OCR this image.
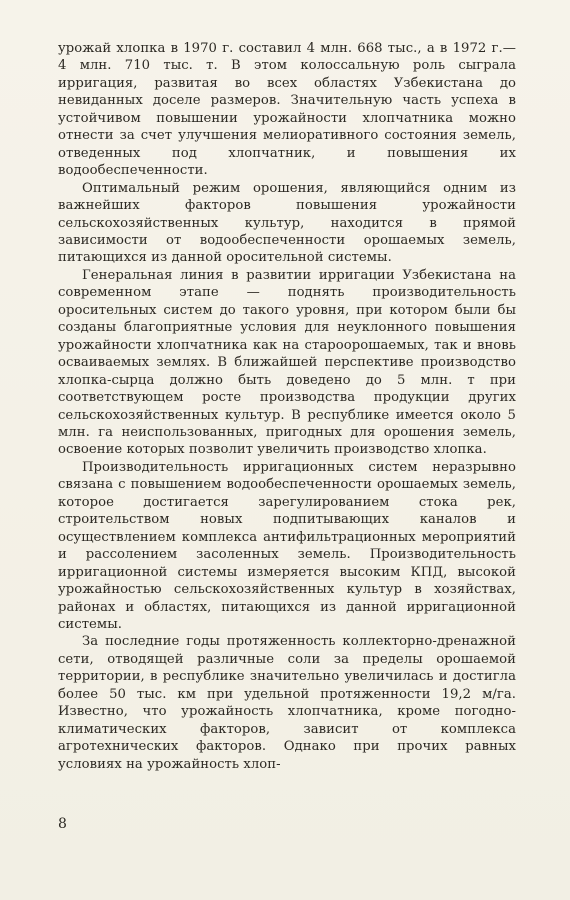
урожай хлопка в 1970 г. составил 4 млн. 668 тыс., а в 1972 г.— 4 млн. 710 тыс. т. В этом колоссальную роль сыграла ирригация, развитая во всех областях Узбекистана до невиданных доселе размеров. Значительную часть успеха в устойчивом повышении урожайности хлопчатника можно отнести за счет улучшения мелиоративного состояния земель, отведенных под хлопчатник, и повышения их водообеспеченности.

Оптимальный режим орошения, являющийся одним из важнейших факторов повышения урожайности сельскохозяйственных культур, находится в прямой зависимости от водообеспеченности орошаемых земель, питающихся из данной оросительной системы.

Генеральная линия в развитии ирригации Узбекистана на современном этапе — поднять производительность оросительных систем до такого уровня, при котором были бы созданы благоприятные условия для неуклонного повышения урожайности хлопчатника как на староорошаемых, так и вновь осваиваемых землях. В ближайшей перспективе производство хлопка-сырца должно быть доведено до 5 млн. т при соответствующем росте производства продукции других сельскохозяйственных культур. В республике имеется около 5 млн. га неиспользованных, пригодных для орошения земель, освоение которых позволит увеличить производство хлопка.

Производительность ирригационных систем неразрывно связана с повышением водообеспеченности орошаемых земель, которое достигается зарегулированием стока рек, строительством новых подпитывающих каналов и осуществлением комплекса антифильтрационных мероприятий и рассолением засоленных земель. Производительность ирригационной системы измеряется высоким КПД, высокой урожайностью сельскохозяйственных культур в хозяйствах, районах и областях, питающихся из данной ирригационной системы.

За последние годы протяженность коллекторно-дренажной сети, отводящей различные соли за пределы орошаемой территории, в республике значительно увеличилась и достигла более 50 тыс. км при удельной протяженности 19,2 м/га. Известно, что урожайность хлопчатника, кроме погодно-климатических факторов, зависит от комплекса агротехнических факторов. Однако при прочих равных условиях на урожайность хлоп-

8
